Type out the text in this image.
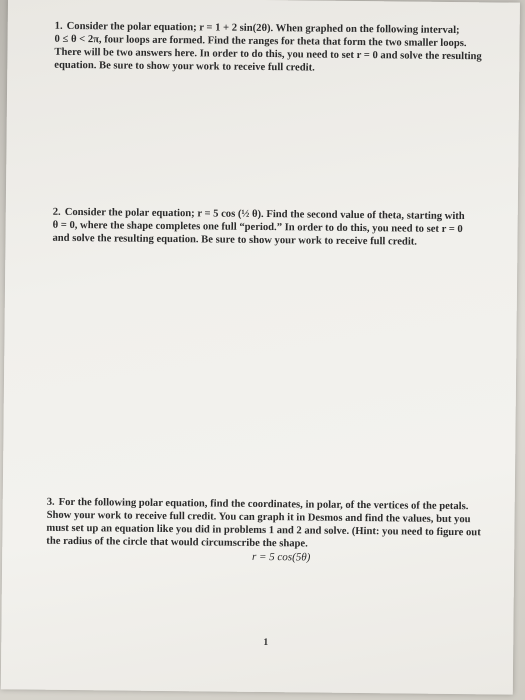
1. Consider the polar equation; r = 1 + 2 sin(2θ). When graphed on the following interval;
0 ≤ θ < 2π, four loops are formed. Find the ranges for theta that form the two smaller loops.
There will be two answers here. In order to do this, you need to set r = 0 and solve the resulting
equation. Be sure to show your work to receive full credit.
2. Consider the polar equation; r = 5 cos (½ θ). Find the second value of theta, starting with
θ = 0, where the shape completes one full “period.” In order to do this, you need to set r = 0
and solve the resulting equation. Be sure to show your work to receive full credit.
3. For the following polar equation, find the coordinates, in polar, of the vertices of the petals.
Show your work to receive full credit. You can graph it in Desmos and find the values, but you
must set up an equation like you did in problems 1 and 2 and solve. (Hint: you need to figure out
the radius of the circle that would circumscribe the shape.
r = 5 cos(5θ)
1
